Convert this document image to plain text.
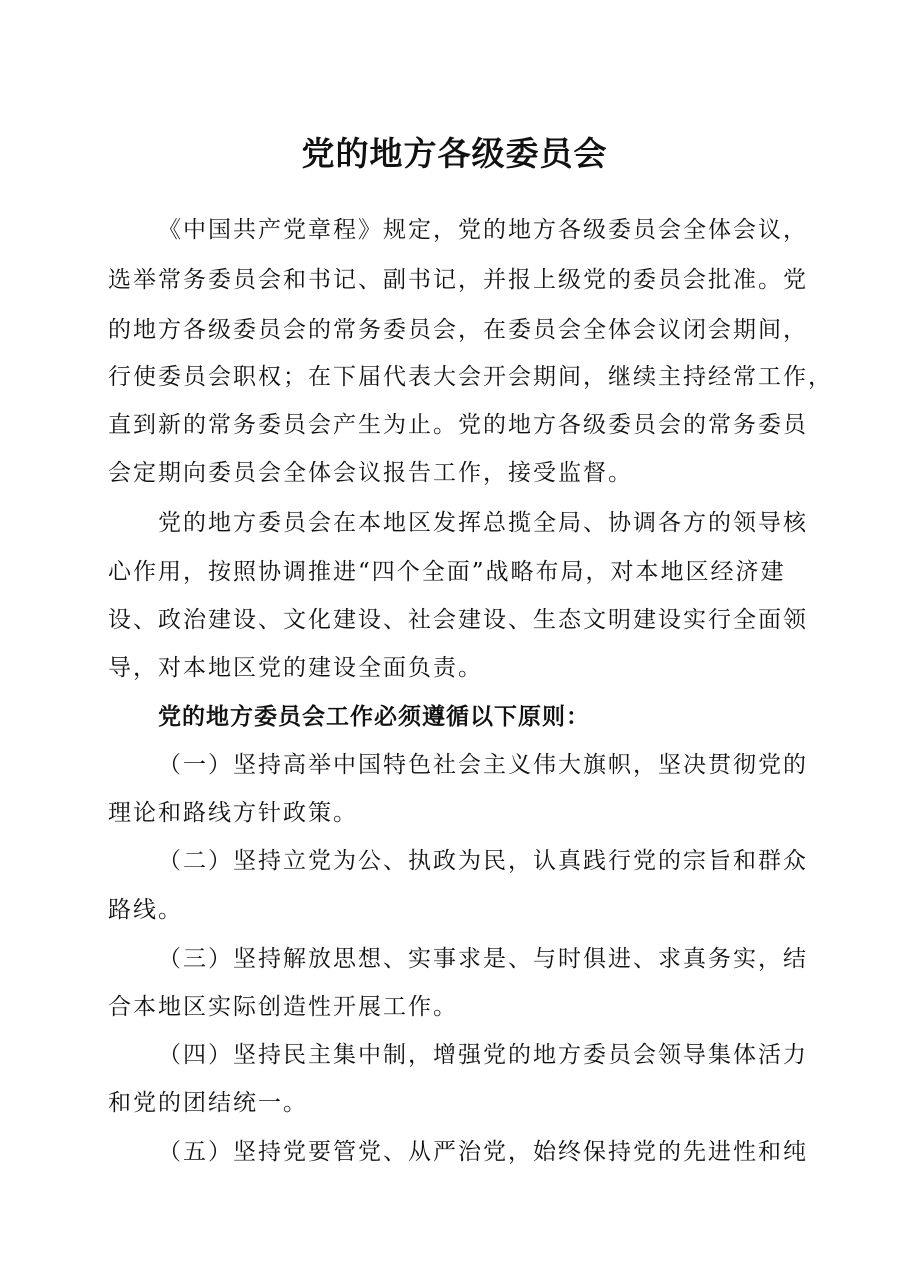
党的地方各级委员会
《中国共产党章程》规定，党的地方各级委员会全体会议，
选举常务委员会和书记、副书记，并报上级党的委员会批准。党
的地方各级委员会的常务委员会，在委员会全体会议闭会期间，
行使委员会职权；在下届代表大会开会期间，继续主持经常工作，
直到新的常务委员会产生为止。党的地方各级委员会的常务委员
会定期向委员会全体会议报告工作，接受监督。
党的地方委员会在本地区发挥总揽全局、协调各方的领导核
心作用，按照协调推进“四个全面”战略布局，对本地区经济建
设、政治建设、文化建设、社会建设、生态文明建设实行全面领
导，对本地区党的建设全面负责。
党的地方委员会工作必须遵循以下原则：
（一）坚持高举中国特色社会主义伟大旗帜，坚决贯彻党的
理论和路线方针政策。
（二）坚持立党为公、执政为民，认真践行党的宗旨和群众
路线。
（三）坚持解放思想、实事求是、与时俱进、求真务实，结
合本地区实际创造性开展工作。
（四）坚持民主集中制，增强党的地方委员会领导集体活力
和党的团结统一。
（五）坚持党要管党、从严治党，始终保持党的先进性和纯
